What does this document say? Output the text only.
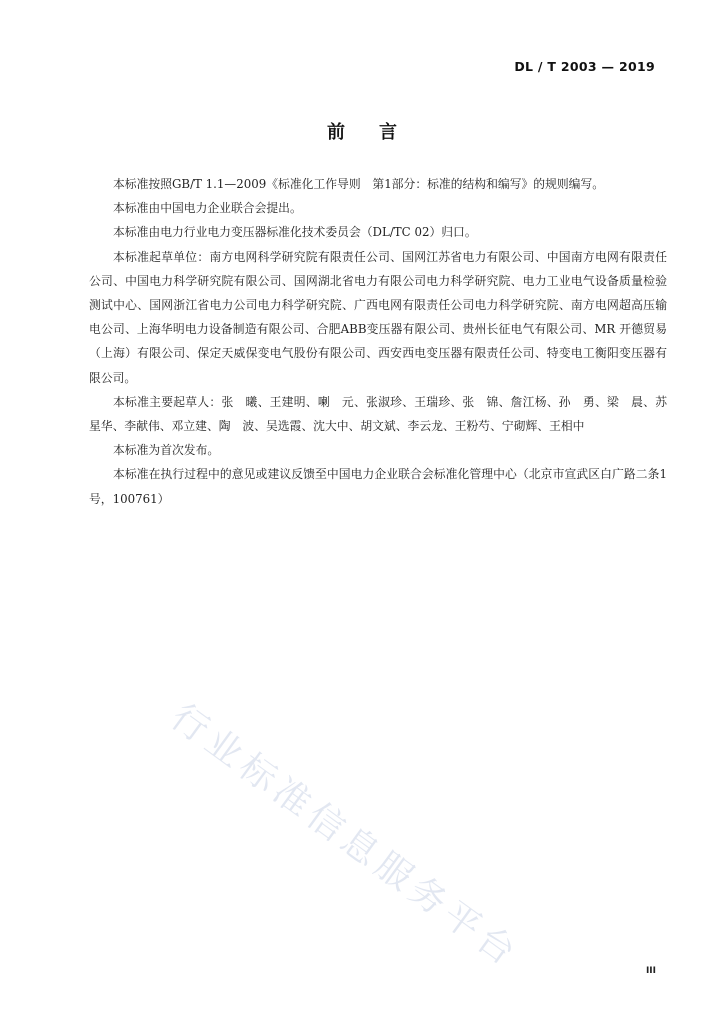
DL / T 2003 — 2019
前言

本标准按照GB/T 1.1—2009《标准化工作导则　第1部分：标准的结构和编写》的规则编写。

本标准由中国电力企业联合会提出。

本标准由电力行业电力变压器标准化技术委员会（DL/TC 02）归口。

本标准起草单位：南方电网科学研究院有限责任公司、国网江苏省电力有限公司、中国南方电网有限责任公司、中国电力科学研究院有限公司、国网湖北省电力有限公司电力科学研究院、电力工业电气设备质量检验测试中心、国网浙江省电力公司电力科学研究院、广西电网有限责任公司电力科学研究院、南方电网超高压输电公司、上海华明电力设备制造有限公司、合肥ABB变压器有限公司、贵州长征电气有限公司、MR 开德贸易（上海）有限公司、保定天威保变电气股份有限公司、西安西电变压器有限责任公司、特变电工衡阳变压器有限公司。

本标准主要起草人：张　曦、王建明、喇　元、张淑珍、王瑞珍、张　锦、詹江杨、孙　勇、梁　晨、苏星华、李献伟、邓立建、陶　波、吴选霞、沈大中、胡文斌、李云龙、王粉芍、宁砌辉、王相中

本标准为首次发布。

本标准在执行过程中的意见或建议反馈至中国电力企业联合会标准化管理中心（北京市宣武区白广路二条1号，100761）

行业标准信息服务平台	III
